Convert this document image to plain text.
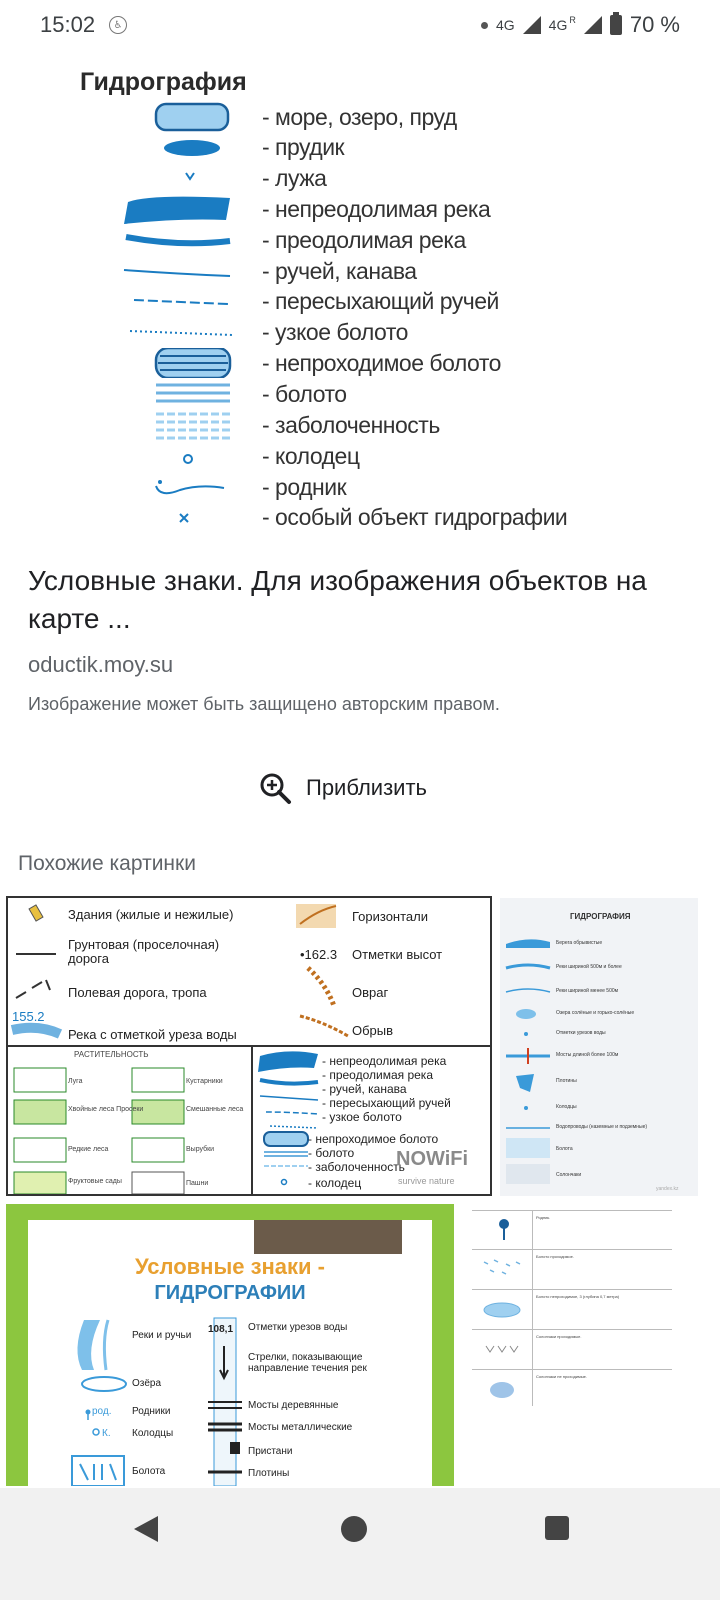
15:02	♿	4G 4G R 70 %
Гидрография
- море, озеро, пруд
- прудик
- лужа
- непреодолимая река
- преодолимая река
- ручей, канава
- пересыхающий ручей
- узкое болото
- непроходимое болото
- болото
- заболоченность
- колодец
- родник
- особый объект гидрографии
Условные знаки. Для изображения объектов на карте ...
oductik.moy.su
Изображение может быть защищено авторским правом.
Приблизить
Похожие картинки
Здания (жилые и нежилые)
Грунтовая (проселочная) дорога
Полевая дорога, тропа
155.2
Река с отметкой уреза воды
Горизонтали
•162.3 Отметки высот
Овраг
Обрыв
РАСТИТЕЛЬНОСТЬ
Луга	Кустарники
Хвойные леса Просеки	Смешанные леса
Редкие леса	Вырубки
Фруктовые сады	Пашни
- непреодолимая река
- преодолимая река
- ручей, канава
- пересыхающий ручей
- узкое болото
- непроходимое болото
- болото
- заболоченность
- колодец
NOWiFi
survive nature
ГИДРОГРАФИЯ
Берега обрывистые
Реки шириной 500м и более
Реки шириной менее 500м
Озера солёные и горько-солёные
Отметки урезов воды
Мосты длиной более 100м
Плотины
Колодцы
Водопроводы (наземные и подземные)
Болота
Солончаки
yandex.kz
Условные знаки -
ГИДРОГРАФИИ
Реки и ручьи
Озёра
род. Родники
К. Колодцы
Болота
108,1 Отметки урезов воды
Стрелки, показывающие направление течения рек
Мосты деревянные
Мосты металлические
Пристани
Плотины
Родник.
Болото проходимое.
Болото непроходимое, 3 (глубина 0,7 метра)
Солончаки проходимые.
Солончаки не проходимые.
